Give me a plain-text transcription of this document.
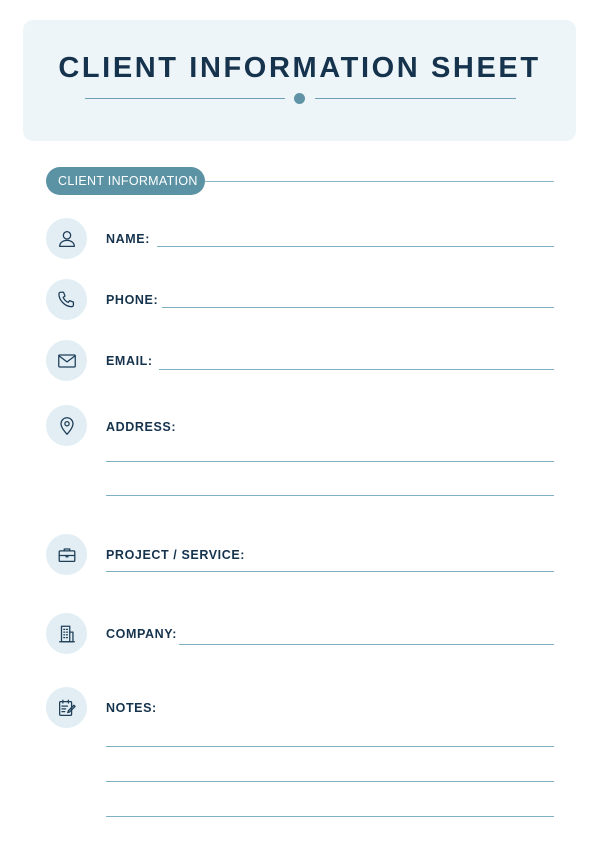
CLIENT INFORMATION SHEET
CLIENT INFORMATION
NAME:
PHONE:
EMAIL:
ADDRESS:
PROJECT / SERVICE:
COMPANY:
NOTES:
